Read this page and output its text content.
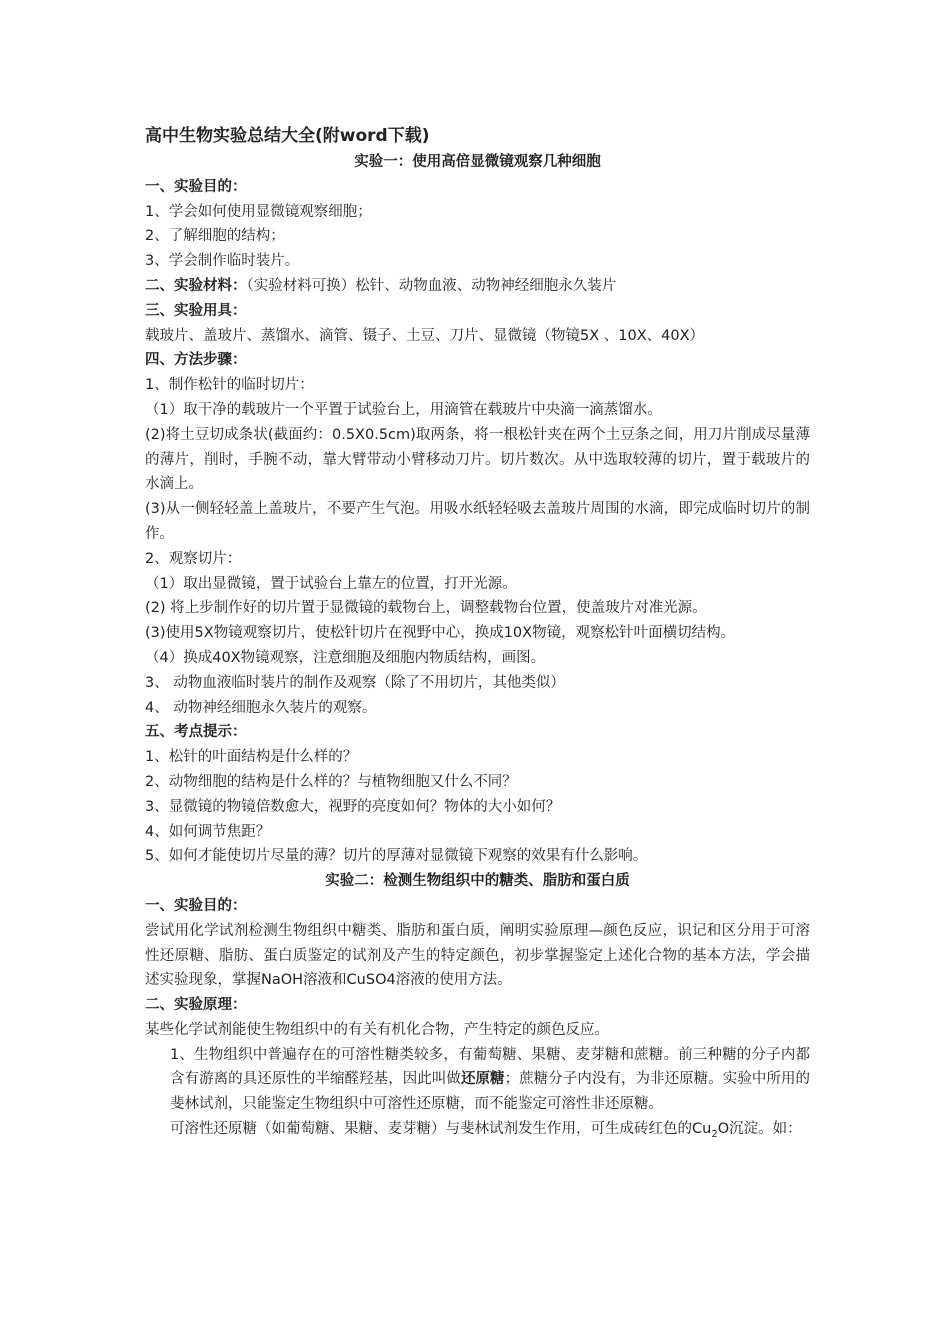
高中生物实验总结大全(附word下载)

实验一：使用高倍显微镜观察几种细胞

一、实验目的：

1、学会如何使用显微镜观察细胞；

2、了解细胞的结构；

3、学会制作临时装片。

二、实验材料：（实验材料可换）松针、动物血液、动物神经细胞永久装片

三、实验用具： 载玻片、盖玻片、蒸馏水、滴管、镊子、土豆、刀片、显微镜（物镜5X 、10X、40X）

四、方法步骤：

1、制作松针的临时切片：

（1）取干净的载玻片一个平置于试验台上，用滴管在载玻片中央滴一滴蒸馏水。

(2)将土豆切成条状(截面约：0.5X0.5cm)取两条，将一根松针夹在两个土豆条之间，用刀片削成尽量薄的薄片，削时，手腕不动，靠大臂带动小臂移动刀片。切片数次。从中选取较薄的切片，置于载玻片的水滴上。

(3)从一侧轻轻盖上盖玻片，不要产生气泡。用吸水纸轻轻吸去盖玻片周围的水滴，即完成临时切片的制作。

2、观察切片：

（1）取出显微镜，置于试验台上靠左的位置，打开光源。

(2) 将上步制作好的切片置于显微镜的载物台上，调整载物台位置，使盖玻片对准光源。

(3)使用5X物镜观察切片，使松针切片在视野中心，换成10X物镜，观察松针叶面横切结构。

（4）换成40X物镜观察，注意细胞及细胞内物质结构，画图。

3、 动物血液临时装片的制作及观察（除了不用切片，其他类似）

4、 动物神经细胞永久装片的观察。

五、考点提示：

1、松针的叶面结构是什么样的？

2、动物细胞的结构是什么样的？与植物细胞又什么不同？

3、显微镜的物镜倍数愈大，视野的亮度如何？物体的大小如何？

4、如何调节焦距？

5、如何才能使切片尽量的薄？切片的厚薄对显微镜下观察的效果有什么影响。

实验二：检测生物组织中的糖类、脂肪和蛋白质

一、实验目的：

尝试用化学试剂检测生物组织中糖类、脂肪和蛋白质，阐明实验原理—颜色反应，识记和区分用于可溶性还原糖、脂肪、蛋白质鉴定的试剂及产生的特定颜色，初步掌握鉴定上述化合物的基本方法，学会描述实验现象，掌握NaOH溶液和CuSO4溶液的使用方法。

二、实验原理：

某些化学试剂能使生物组织中的有关有机化合物，产生特定的颜色反应。

1、生物组织中普遍存在的可溶性糖类较多，有葡萄糖、果糖、麦芽糖和蔗糖。前三种糖的分子内都含有游离的具还原性的半缩醛羟基，因此叫做还原糖；蔗糖分子内没有，为非还原糖。实验中所用的斐林试剂，只能鉴定生物组织中可溶性还原糖，而不能鉴定可溶性非还原糖。

可溶性还原糖（如葡萄糖、果糖、麦芽糖）与斐林试剂发生作用，可生成砖红色的$Cu_2O$沉淀。如：
